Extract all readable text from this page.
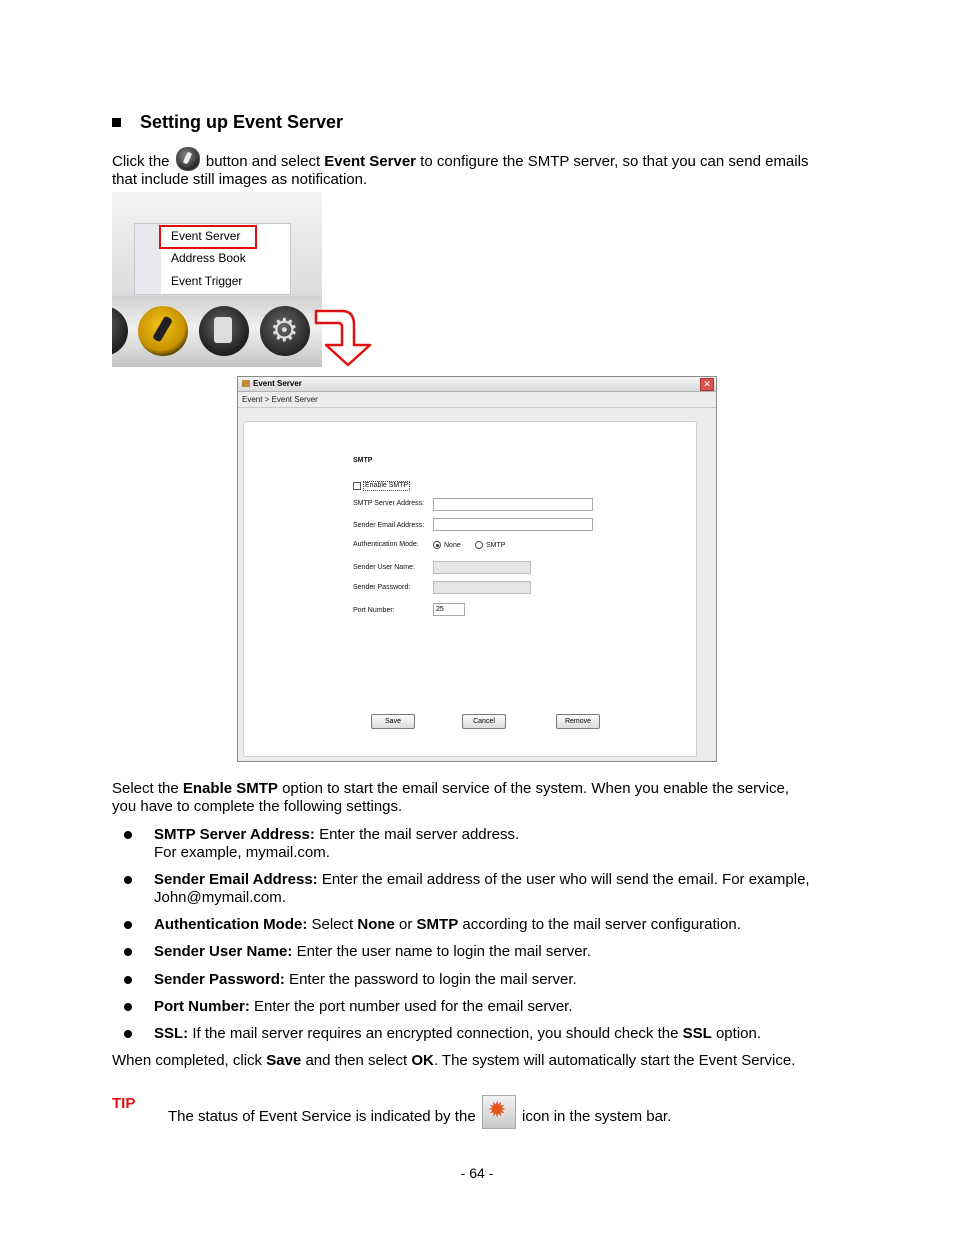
Setting up Event Server
Click the  button and select Event Server to configure the SMTP server, so that you can send emails
that include still images as notification.
Event Server
Address Book
Event Trigger
⚙
Event Server	✕
Event > Event Server
SMTP
Enable SMTP
SMTP Server Address:
Sender Email Address:
Authentication Mode:	None	SMTP
Sender User Name:
Sender Password:
Port Number:	25
Save	Cancel	Remove
Select the Enable SMTP option to start the email service of the system. When you enable the service,
you have to complete the following settings.
SMTP Server Address: Enter the mail server address.
For example, mymail.com.
Sender Email Address: Enter the email address of the user who will send the email. For example,
John@mymail.com.
Authentication Mode: Select None or SMTP according to the mail server configuration.
Sender User Name: Enter the user name to login the mail server.
Sender Password: Enter the password to login the mail server.
Port Number: Enter the port number used for the email server.
SSL: If the mail server requires an encrypted connection, you should check the SSL option.
When completed, click Save and then select OK. The system will automatically start the Event Service.
TIP
The status of Event Service is indicated by the ✹	icon in the system bar.
- 64 -
